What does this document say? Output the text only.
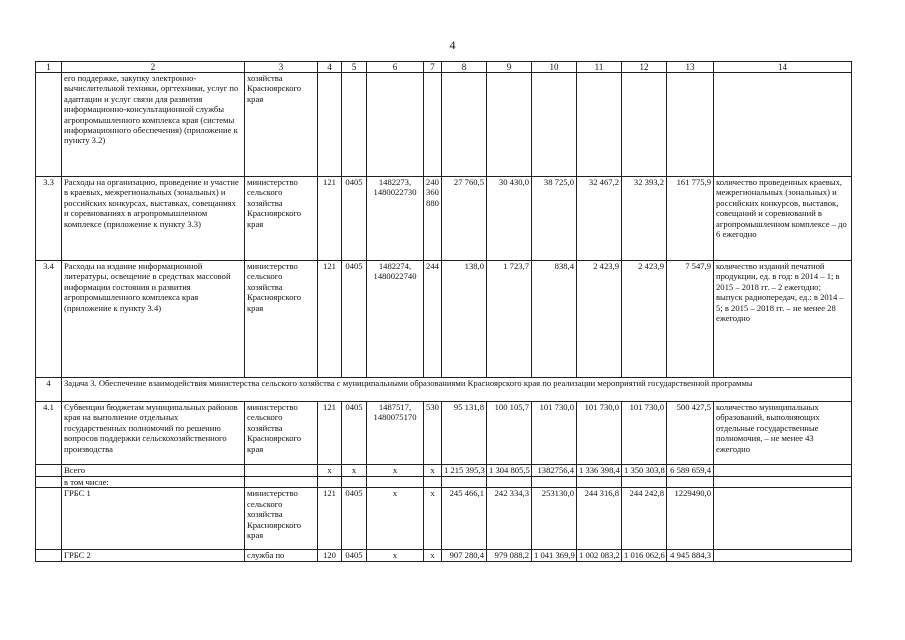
4
1	2	3	4	5	6	7	8	9	10	11	12	13	14
	его поддержке, закупку электронно-вычислительной техники, оргтехники, услуг по адаптации и услуг связи для развития информационно-консультационной службы агропромышленного комплекса края (системы информационного обеспечения) (приложение к пункту 3.2)	хозяйства Красноярского края											
3.3	Расходы на организацию, проведение и участие в краевых, межрегиональных (зональных) и российских конкурсах, выставках, совещаниях и соревнованиях в агропромышленном комплексе (приложение к пункту 3.3)	министерство сельского хозяйства Красноярского края	121	0405	1482273, 1480022730	240 360 880	27 760,5	30 430,0	38 725,0	32 467,2	32 393,2	161 775,9	количество проведенных краевых, межрегиональных (зональных) и российских конкурсов, выставок, совещаний и соревнований в агропромышленном комплексе – до 6 ежегодно
3.4	Расходы на издание информационной литературы, освещение в средствах массовой информации состояния и развития агропромышленного комплекса края (приложение к пункту 3.4)	министерство сельского хозяйства Красноярского края	121	0405	1482274, 1480022740	244	138,0	1 723,7	838,4	2 423,9	2 423,9	7 547,9	количество изданий печатной продукции, ед. в год: в 2014 – 1; в 2015 – 2018 гг. – 2 ежегодно; выпуск радиопередач, ед.: в 2014 – 5; в 2015 – 2018 гг. – не менее 28 ежегодно
4	Задача 3. Обеспечение взаимодействия министерства сельского хозяйства с муниципальными образованиями Красноярского края по реализации мероприятий государственной программы												
4.1	Субвенции бюджетам муниципальных районов края на выполнение отдельных государственных полномочий по решению вопросов поддержки сельскохозяйственного производства	министерство сельского хозяйства Красноярского края	121	0405	1487517, 1480075170	530	95 131,8	100 105,7	101 730,0	101 730,0	101 730,0	500 427,5	количество муниципальных образований, выполняющих отдельные государственные полномочия, – не менее 43 ежегодно
	Всего		х	х	х	х	1 215 395,3	1 304 805,5	1382756,4	1 336 398,4	1 350 303,8	6 589 659,4	
	в том числе:												
	ГРБС 1	министерство сельского хозяйства Красноярского края	121	0405	х	х	245 466,1	242 334,3	253130,0	244 316,8	244 242,8	1229490,0	
	ГРБС 2	служба по	120	0405	х	х	907 280,4	979 088,2	1 041 369,9	1 002 083,2	1 016 062,6	4 945 884,3	
